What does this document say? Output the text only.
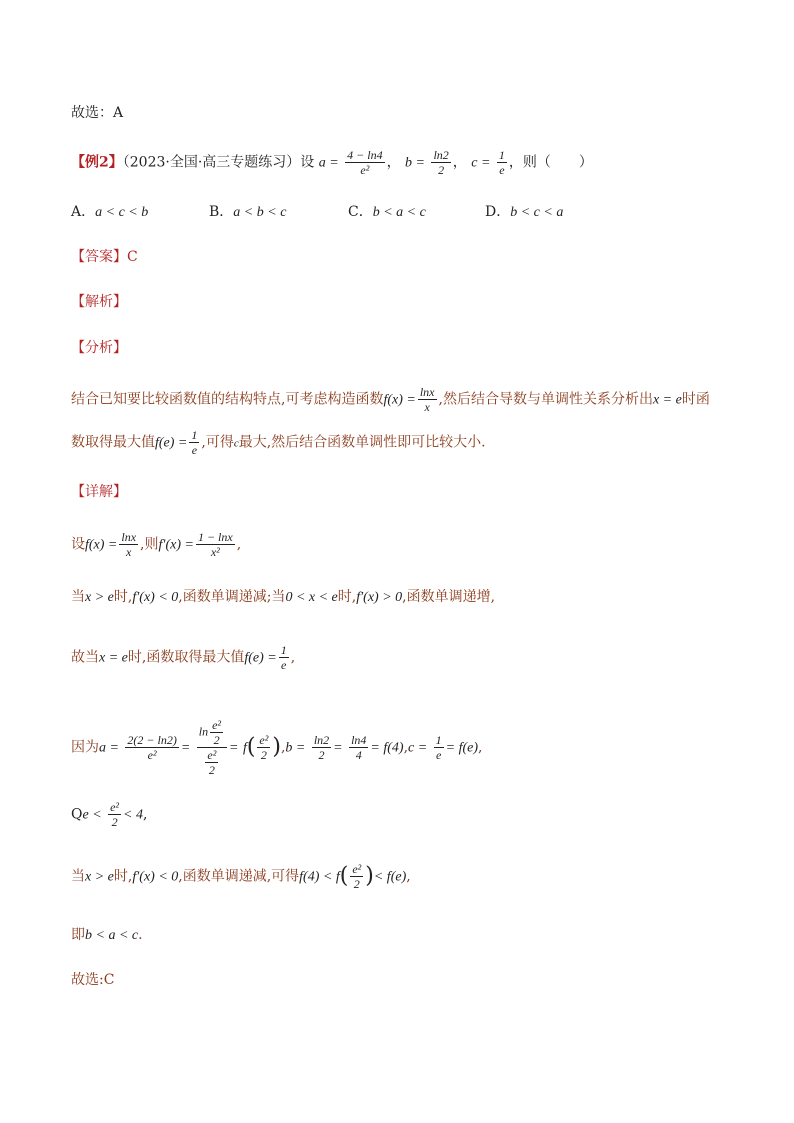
故选：A
【例2】（2023·全国·高三专题练习）设 $a = \frac{4 - \ln 4}{\text{e²}}$ ， $b = \frac{\ln 2}{2}$ ， $c = \frac{1}{e}$ ，则（　　）
A．a < c < b	B．a < b < c	C．b < a < c	D．b < c < a
【答案】C
【解析】
【分析】
结合已知要比较函数值的结构特点,可考虑构造函数$f(x) = \frac{\ln x}{x}$ ,然后结合导数与单调性关系分析出x = e时函
数取得最大值$f(e) = \frac{1}{e}$ ,可得c最大,然后结合函数单调性即可比较大小.
【详解】
设$f(x) = \frac{\ln x}{x}$ ,则$f'(x) = \frac{1 - \ln x}{\text{x²}}$ ,
当x > e时,f′(x) < 0,函数单调递减;当0 < x < e时,f′(x) > 0,函数单调递增,
故当x = e时,函数取得最大值$f(e) = \frac{1}{e}$ ,
因为$a = \frac{2(2 - \ln 2)}{\text{e²}} = \frac{\ln \frac{\text{e²}}{2}}{\frac{\text{e²}}{2}} = f( \frac{\text{e²}}{2} ),b = \frac{\ln 2}{2} = \frac{\ln 4}{4} = f(4),c = \frac{1}{e} = f(e)$,
$Qe < \frac{\text{e²}}{2} < 4$,
当x > e时,f′(x) < 0,函数单调递减,可得$f(4) < f( \frac{\text{e²}}{2}$ )< f(e),
即b < a < c.
故选:C
